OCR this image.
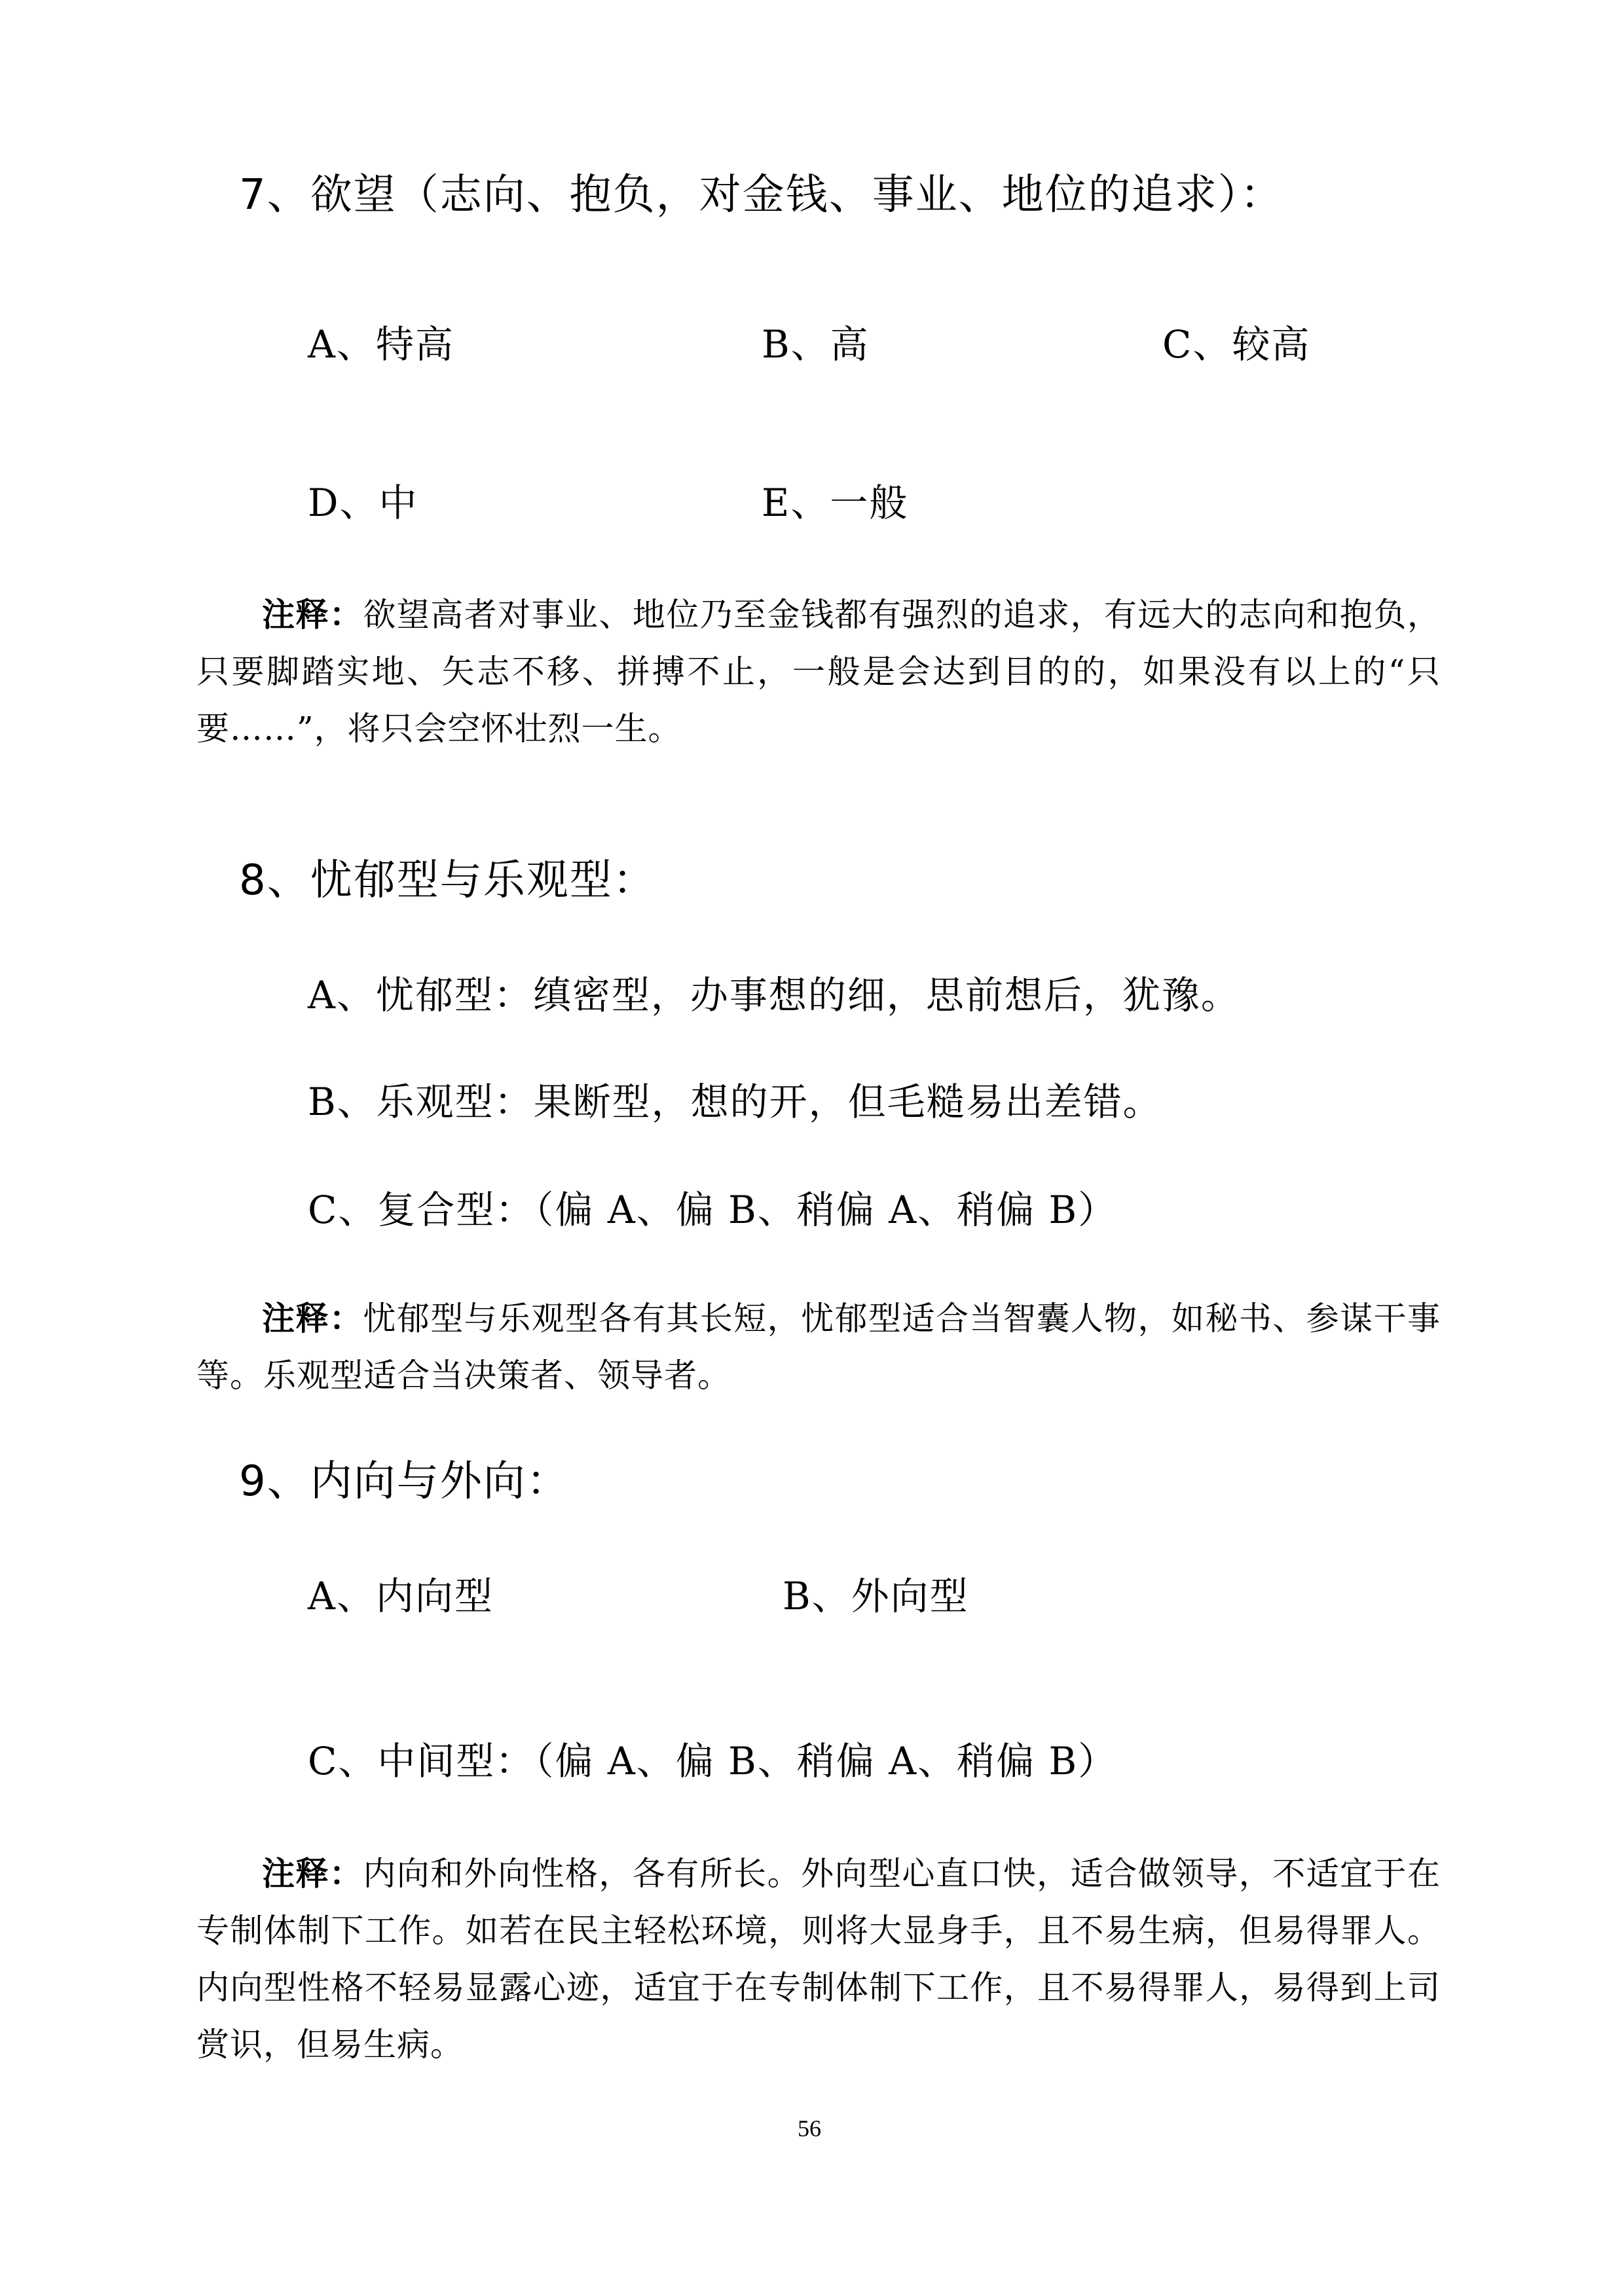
7、欲望（志向、抱负，对金钱、事业、地位的追求）：
A、特高	B、高	C、较高
D、中	E、一般
注释：欲望高者对事业、地位乃至金钱都有强烈的追求，有远大的志向和抱负，只要脚踏实地、矢志不移、拼搏不止，一般是会达到目的的，如果没有以上的“只要……”，将只会空怀壮烈一生。
8、忧郁型与乐观型：
A、忧郁型：缜密型，办事想的细，思前想后，犹豫。
B、乐观型：果断型，想的开，但毛糙易出差错。
C、复合型：（偏 A、偏 B、稍偏 A、稍偏 B）
注释：忧郁型与乐观型各有其长短，忧郁型适合当智囊人物，如秘书、参谋干事等。乐观型适合当决策者、领导者。
9、内向与外向：
A、内向型	B、外向型
C、中间型：（偏 A、偏 B、稍偏 A、稍偏 B）
注释：内向和外向性格，各有所长。外向型心直口快，适合做领导，不适宜于在专制体制下工作。如若在民主轻松环境，则将大显身手，且不易生病，但易得罪人。内向型性格不轻易显露心迹，适宜于在专制体制下工作，且不易得罪人，易得到上司赏识，但易生病。
56
